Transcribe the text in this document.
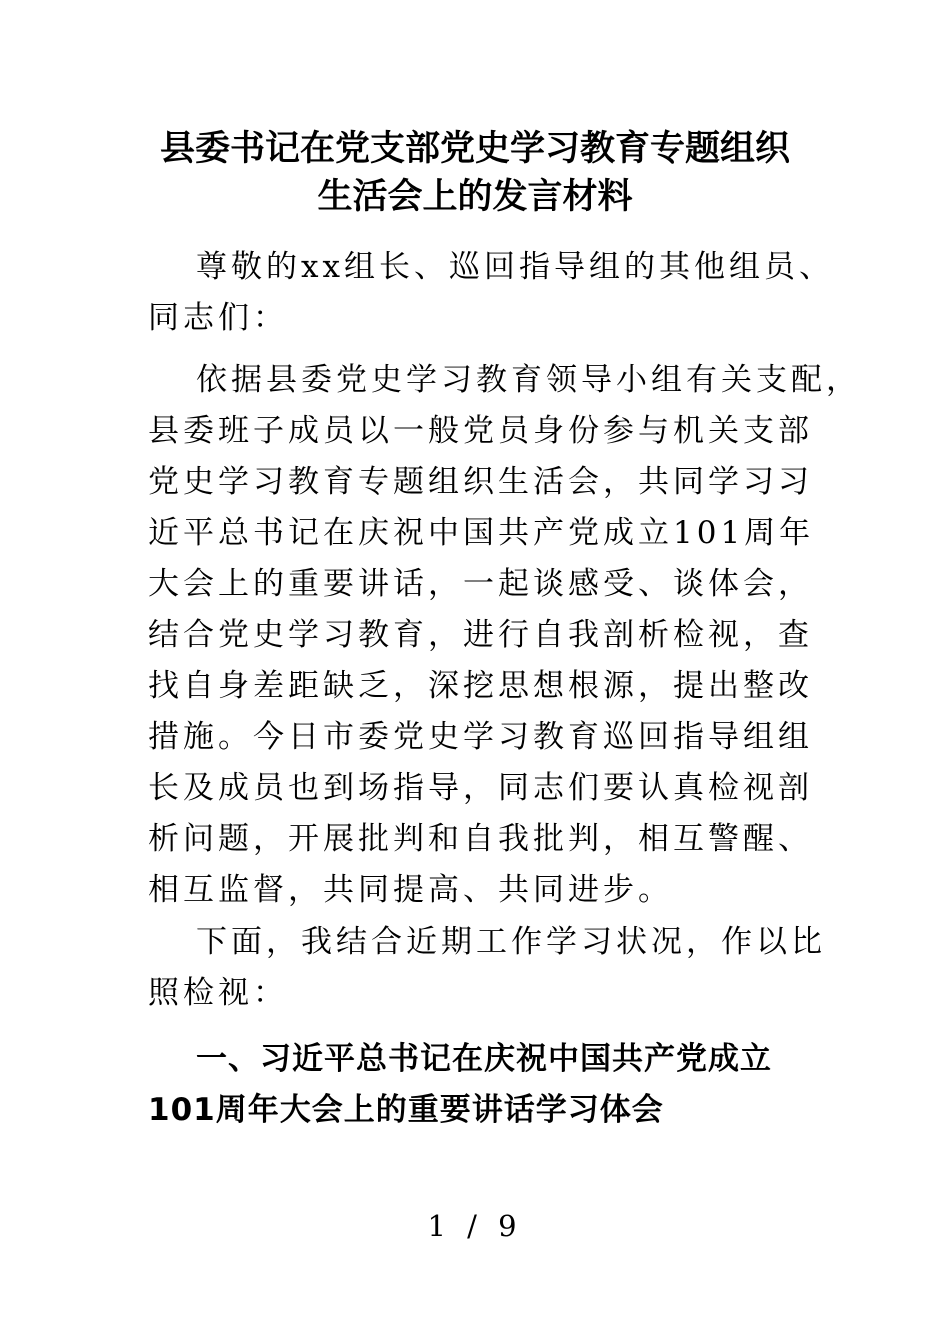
县委书记在党支部党史学习教育专题组织
生活会上的发言材料
尊敬的xx组长、巡回指导组的其他组员、
同志们：
依据县委党史学习教育领导小组有关支配，
县委班子成员以一般党员身份参与机关支部
党史学习教育专题组织生活会，共同学习习
近平总书记在庆祝中国共产党成立101周年
大会上的重要讲话，一起谈感受、谈体会，
结合党史学习教育，进行自我剖析检视，查
找自身差距缺乏，深挖思想根源，提出整改
措施。今日市委党史学习教育巡回指导组组
长及成员也到场指导，同志们要认真检视剖
析问题，开展批判和自我批判，相互警醒、
相互监督，共同提高、共同进步。
下面，我结合近期工作学习状况，作以比
照检视：
一、习近平总书记在庆祝中国共产党成立
101周年大会上的重要讲话学习体会
1 / 9
